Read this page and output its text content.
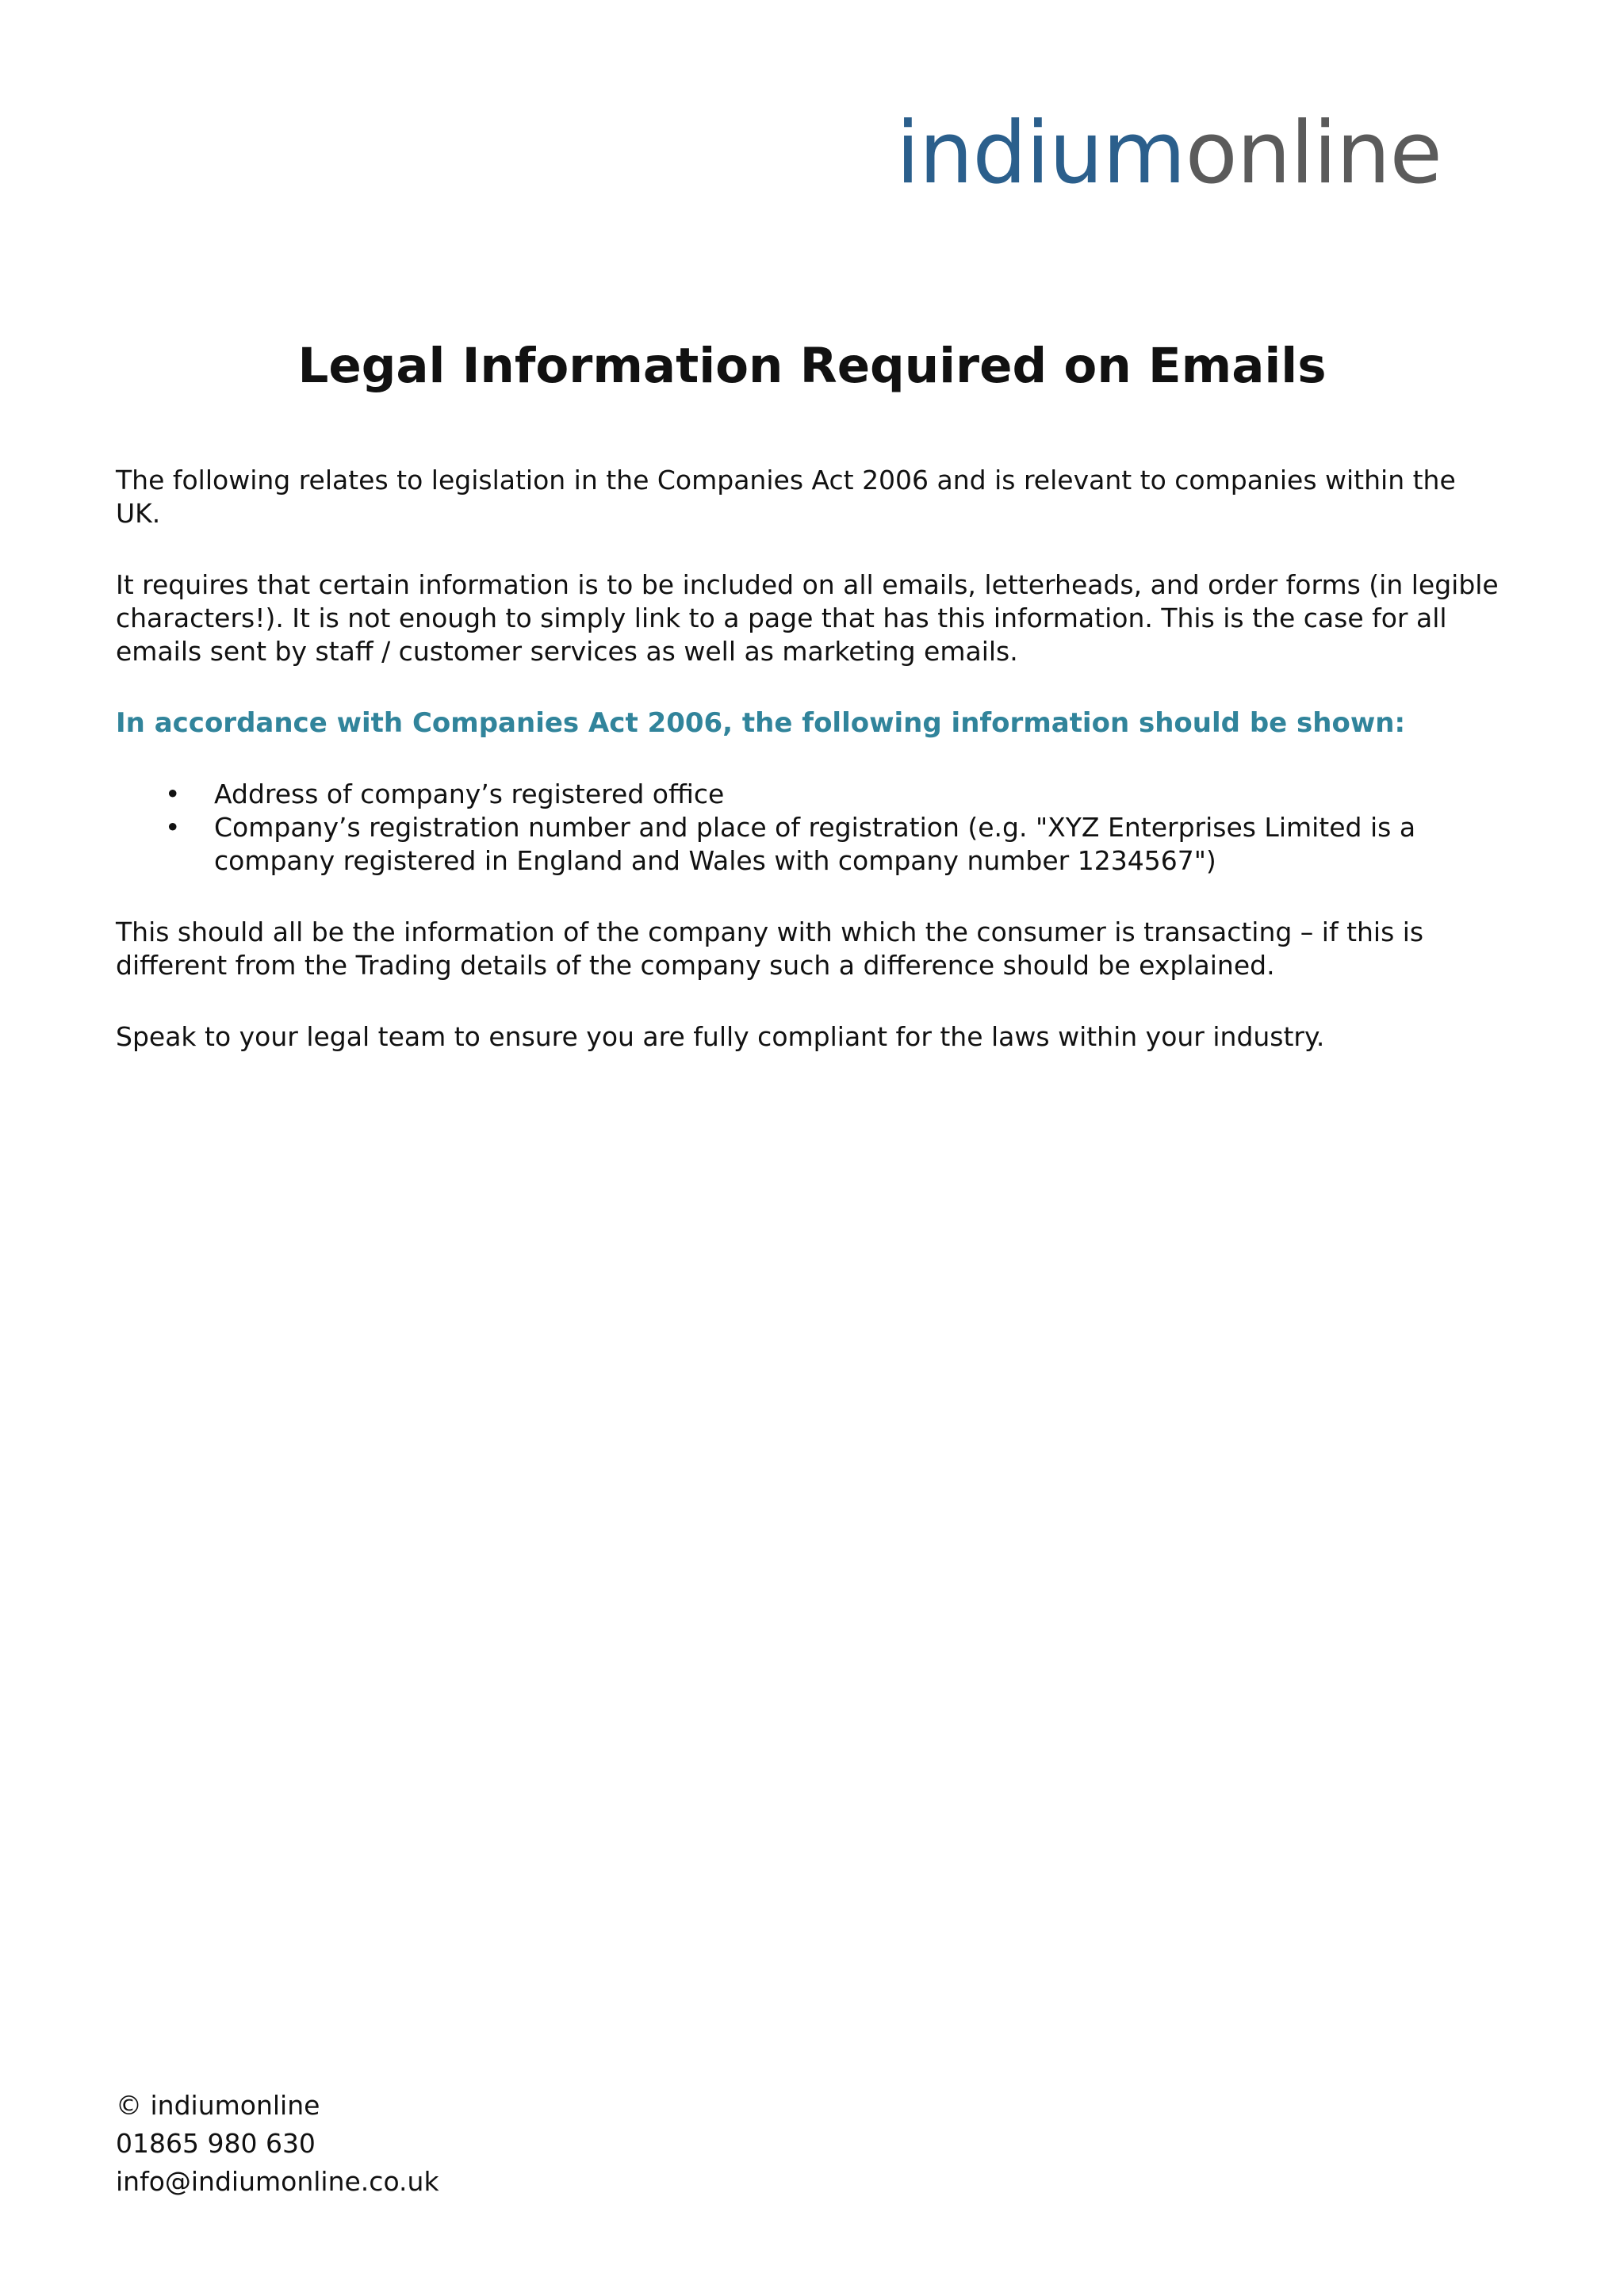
indiumonline
Legal Information Required on Emails

The following relates to legislation in the Companies Act 2006 and is relevant to companies within the UK.

It requires that certain information is to be included on all emails, letterheads, and order forms (in legible characters!). It is not enough to simply link to a page that has this information. This is the case for all emails sent by staff / customer services as well as marketing emails.

In accordance with Companies Act 2006, the following information should be shown:
• Address of company’s registered office
• Company’s registration number and place of registration (e.g. "XYZ Enterprises Limited is a company registered in England and Wales with company number 1234567")

This should all be the information of the company with which the consumer is transacting – if this is different from the Trading details of the company such a difference should be explained.

Speak to your legal team to ensure you are fully compliant for the laws within your industry.

© indiumonline
01865 980 630
info@indiumonline.co.uk
